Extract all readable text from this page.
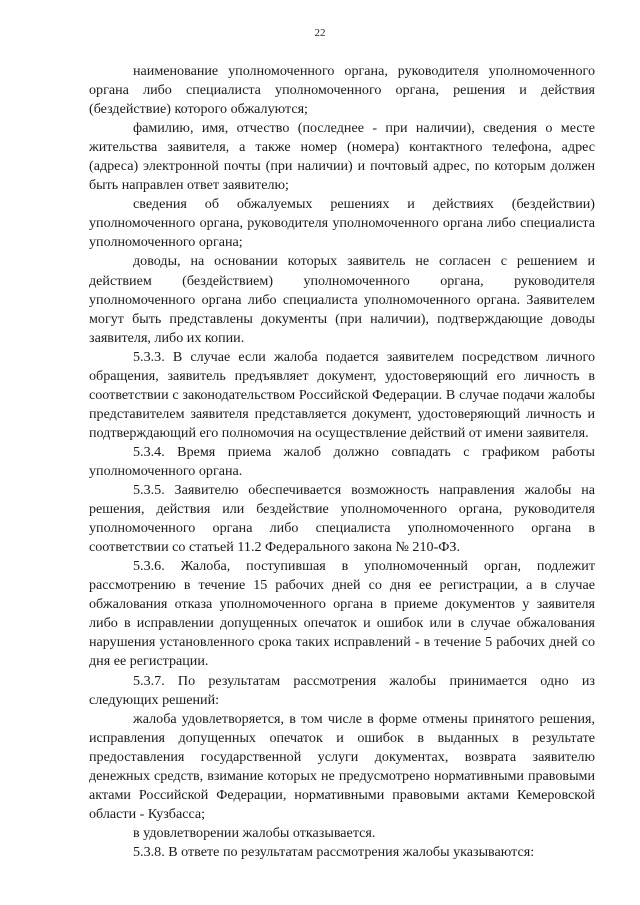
22

наименование уполномоченного органа, руководителя уполномоченного органа либо специалиста уполномоченного органа, решения и действия (бездействие) которого обжалуются;

фамилию, имя, отчество (последнее - при наличии), сведения о месте жительства заявителя, а также номер (номера) контактного телефона, адрес (адреса) электронной почты (при наличии) и почтовый адрес, по которым должен быть направлен ответ заявителю;

сведения об обжалуемых решениях и действиях (бездействии) уполномоченного органа, руководителя уполномоченного органа либо специалиста уполномоченного органа;

доводы, на основании которых заявитель не согласен с решением и действием (бездействием) уполномоченного органа, руководителя уполномоченного органа либо специалиста уполномоченного органа. Заявителем могут быть представлены документы (при наличии), подтверждающие доводы заявителя, либо их копии.

5.3.3. В случае если жалоба подается заявителем посредством личного обращения, заявитель предъявляет документ, удостоверяющий его личность в соответствии с законодательством Российской Федерации. В случае подачи жалобы представителем заявителя представляется документ, удостоверяющий личность и подтверждающий его полномочия на осуществление действий от имени заявителя.

5.3.4. Время приема жалоб должно совпадать с графиком работы уполномоченного органа.

5.3.5. Заявителю обеспечивается возможность направления жалобы на решения, действия или бездействие уполномоченного органа, руководителя уполномоченного органа либо специалиста уполномоченного органа в соответствии со статьей 11.2 Федерального закона № 210-ФЗ.

5.3.6. Жалоба, поступившая в уполномоченный орган, подлежит рассмотрению в течение 15 рабочих дней со дня ее регистрации, а в случае обжалования отказа уполномоченного органа в приеме документов у заявителя либо в исправлении допущенных опечаток и ошибок или в случае обжалования нарушения установленного срока таких исправлений - в течение 5 рабочих дней со дня ее регистрации.

5.3.7. По результатам рассмотрения жалобы принимается одно из следующих решений:

жалоба удовлетворяется, в том числе в форме отмены принятого решения, исправления допущенных опечаток и ошибок в выданных в результате предоставления государственной услуги документах, возврата заявителю денежных средств, взимание которых не предусмотрено нормативными правовыми актами Российской Федерации, нормативными правовыми актами Кемеровской области - Кузбасса;

в удовлетворении жалобы отказывается.

5.3.8. В ответе по результатам рассмотрения жалобы указываются:
